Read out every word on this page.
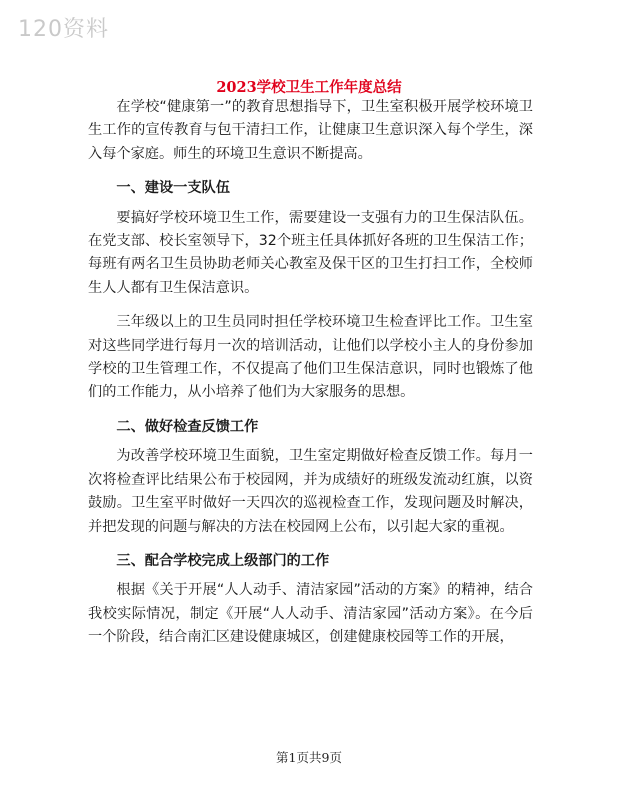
120资料
2023学校卫生工作年度总结

在学校“健康第一”的教育思想指导下，卫生室积极开展学校环境卫生工作的宣传教育与包干清扫工作，让健康卫生意识深入每个学生，深入每个家庭。师生的环境卫生意识不断提高。

一、建设一支队伍

要搞好学校环境卫生工作，需要建设一支强有力的卫生保洁队伍。在党支部、校长室领导下，32个班主任具体抓好各班的卫生保洁工作；每班有两名卫生员协助老师关心教室及保干区的卫生打扫工作，全校师生人人都有卫生保洁意识。

三年级以上的卫生员同时担任学校环境卫生检查评比工作。卫生室对这些同学进行每月一次的培训活动，让他们以学校小主人的身份参加学校的卫生管理工作，不仅提高了他们卫生保洁意识，同时也锻炼了他们的工作能力，从小培养了他们为大家服务的思想。

二、做好检查反馈工作

为改善学校环境卫生面貌，卫生室定期做好检查反馈工作。每月一次将检查评比结果公布于校园网，并为成绩好的班级发流动红旗，以资鼓励。卫生室平时做好一天四次的巡视检查工作，发现问题及时解决，并把发现的问题与解决的方法在校园网上公布，以引起大家的重视。

三、配合学校完成上级部门的工作

根据《关于开展“人人动手、清洁家园”活动的方案》的精神，结合我校实际情况，制定《开展“人人动手、清洁家园”活动方案》。在今后一个阶段，结合南汇区建设健康城区，创建健康校园等工作的开展，

第1页共9页
